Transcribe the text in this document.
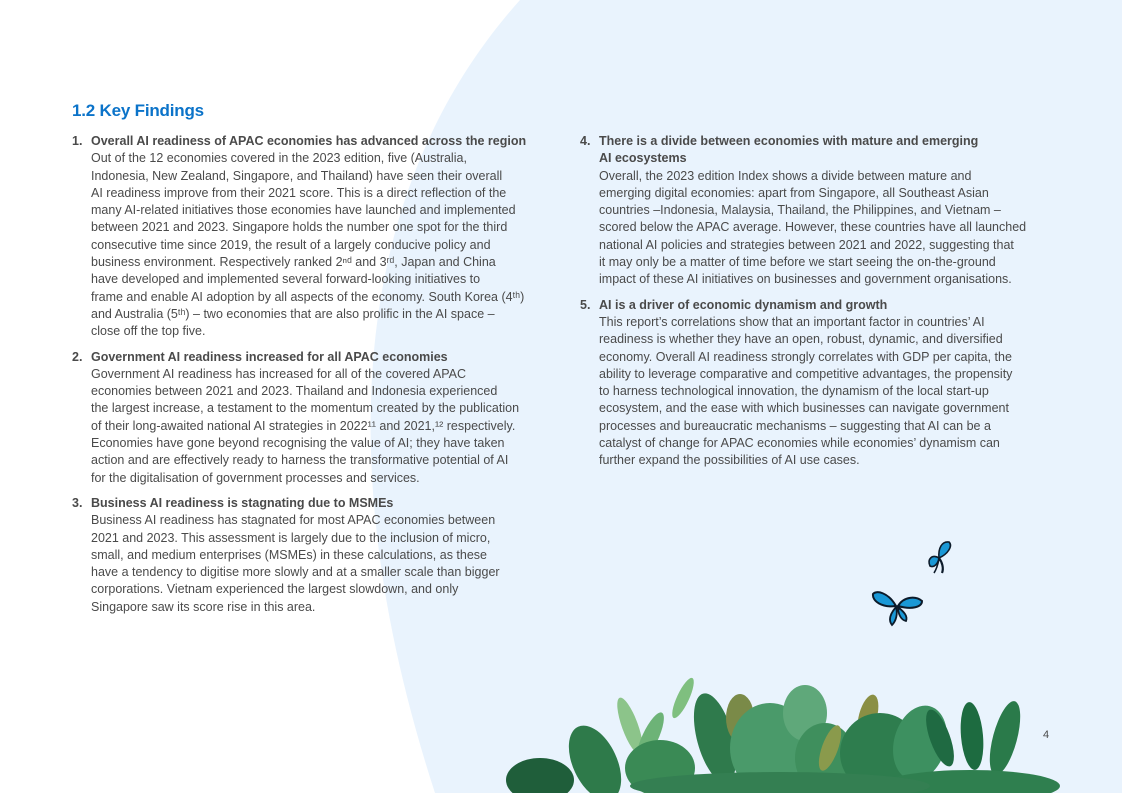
1.2 Key Findings
1. Overall AI readiness of APAC economies has advanced across the region
Out of the 12 economies covered in the 2023 edition, five (Australia,
Indonesia, New Zealand, Singapore, and Thailand) have seen their overall
AI readiness improve from their 2021 score. This is a direct reflection of the
many AI-related initiatives those economies have launched and implemented
between 2021 and 2023. Singapore holds the number one spot for the third
consecutive time since 2019, the result of a largely conducive policy and
business environment. Respectively ranked 2ⁿᵈ and 3ʳᵈ, Japan and China
have developed and implemented several forward-looking initiatives to
frame and enable AI adoption by all aspects of the economy. South Korea (4ᵗʰ)
and Australia (5ᵗʰ) – two economies that are also prolific in the AI space –
close off the top five.
2. Government AI readiness increased for all APAC economies
Government AI readiness has increased for all of the covered APAC
economies between 2021 and 2023. Thailand and Indonesia experienced
the largest increase, a testament to the momentum created by the publication
of their long-awaited national AI strategies in 2022¹¹ and 2021,¹² respectively.
Economies have gone beyond recognising the value of AI; they have taken
action and are effectively ready to harness the transformative potential of AI
for the digitalisation of government processes and services.
3. Business AI readiness is stagnating due to MSMEs
Business AI readiness has stagnated for most APAC economies between
2021 and 2023. This assessment is largely due to the inclusion of micro,
small, and medium enterprises (MSMEs) in these calculations, as these
have a tendency to digitise more slowly and at a smaller scale than bigger
corporations. Vietnam experienced the largest slowdown, and only
Singapore saw its score rise in this area.
4. There is a divide between economies with mature and emerging
AI ecosystems
Overall, the 2023 edition Index shows a divide between mature and
emerging digital economies: apart from Singapore, all Southeast Asian
countries –Indonesia, Malaysia, Thailand, the Philippines, and Vietnam –
scored below the APAC average. However, these countries have all launched
national AI policies and strategies between 2021 and 2022, suggesting that
it may only be a matter of time before we start seeing the on-the-ground
impact of these AI initiatives on businesses and government organisations.
5. AI is a driver of economic dynamism and growth
This report’s correlations show that an important factor in countries’ AI
readiness is whether they have an open, robust, dynamic, and diversified
economy. Overall AI readiness strongly correlates with GDP per capita, the
ability to leverage comparative and competitive advantages, the propensity
to harness technological innovation, the dynamism of the local start-up
ecosystem, and the ease with which businesses can navigate government
processes and bureaucratic mechanisms – suggesting that AI can be a
catalyst of change for APAC economies while economies’ dynamism can
further expand the possibilities of AI use cases.
4
